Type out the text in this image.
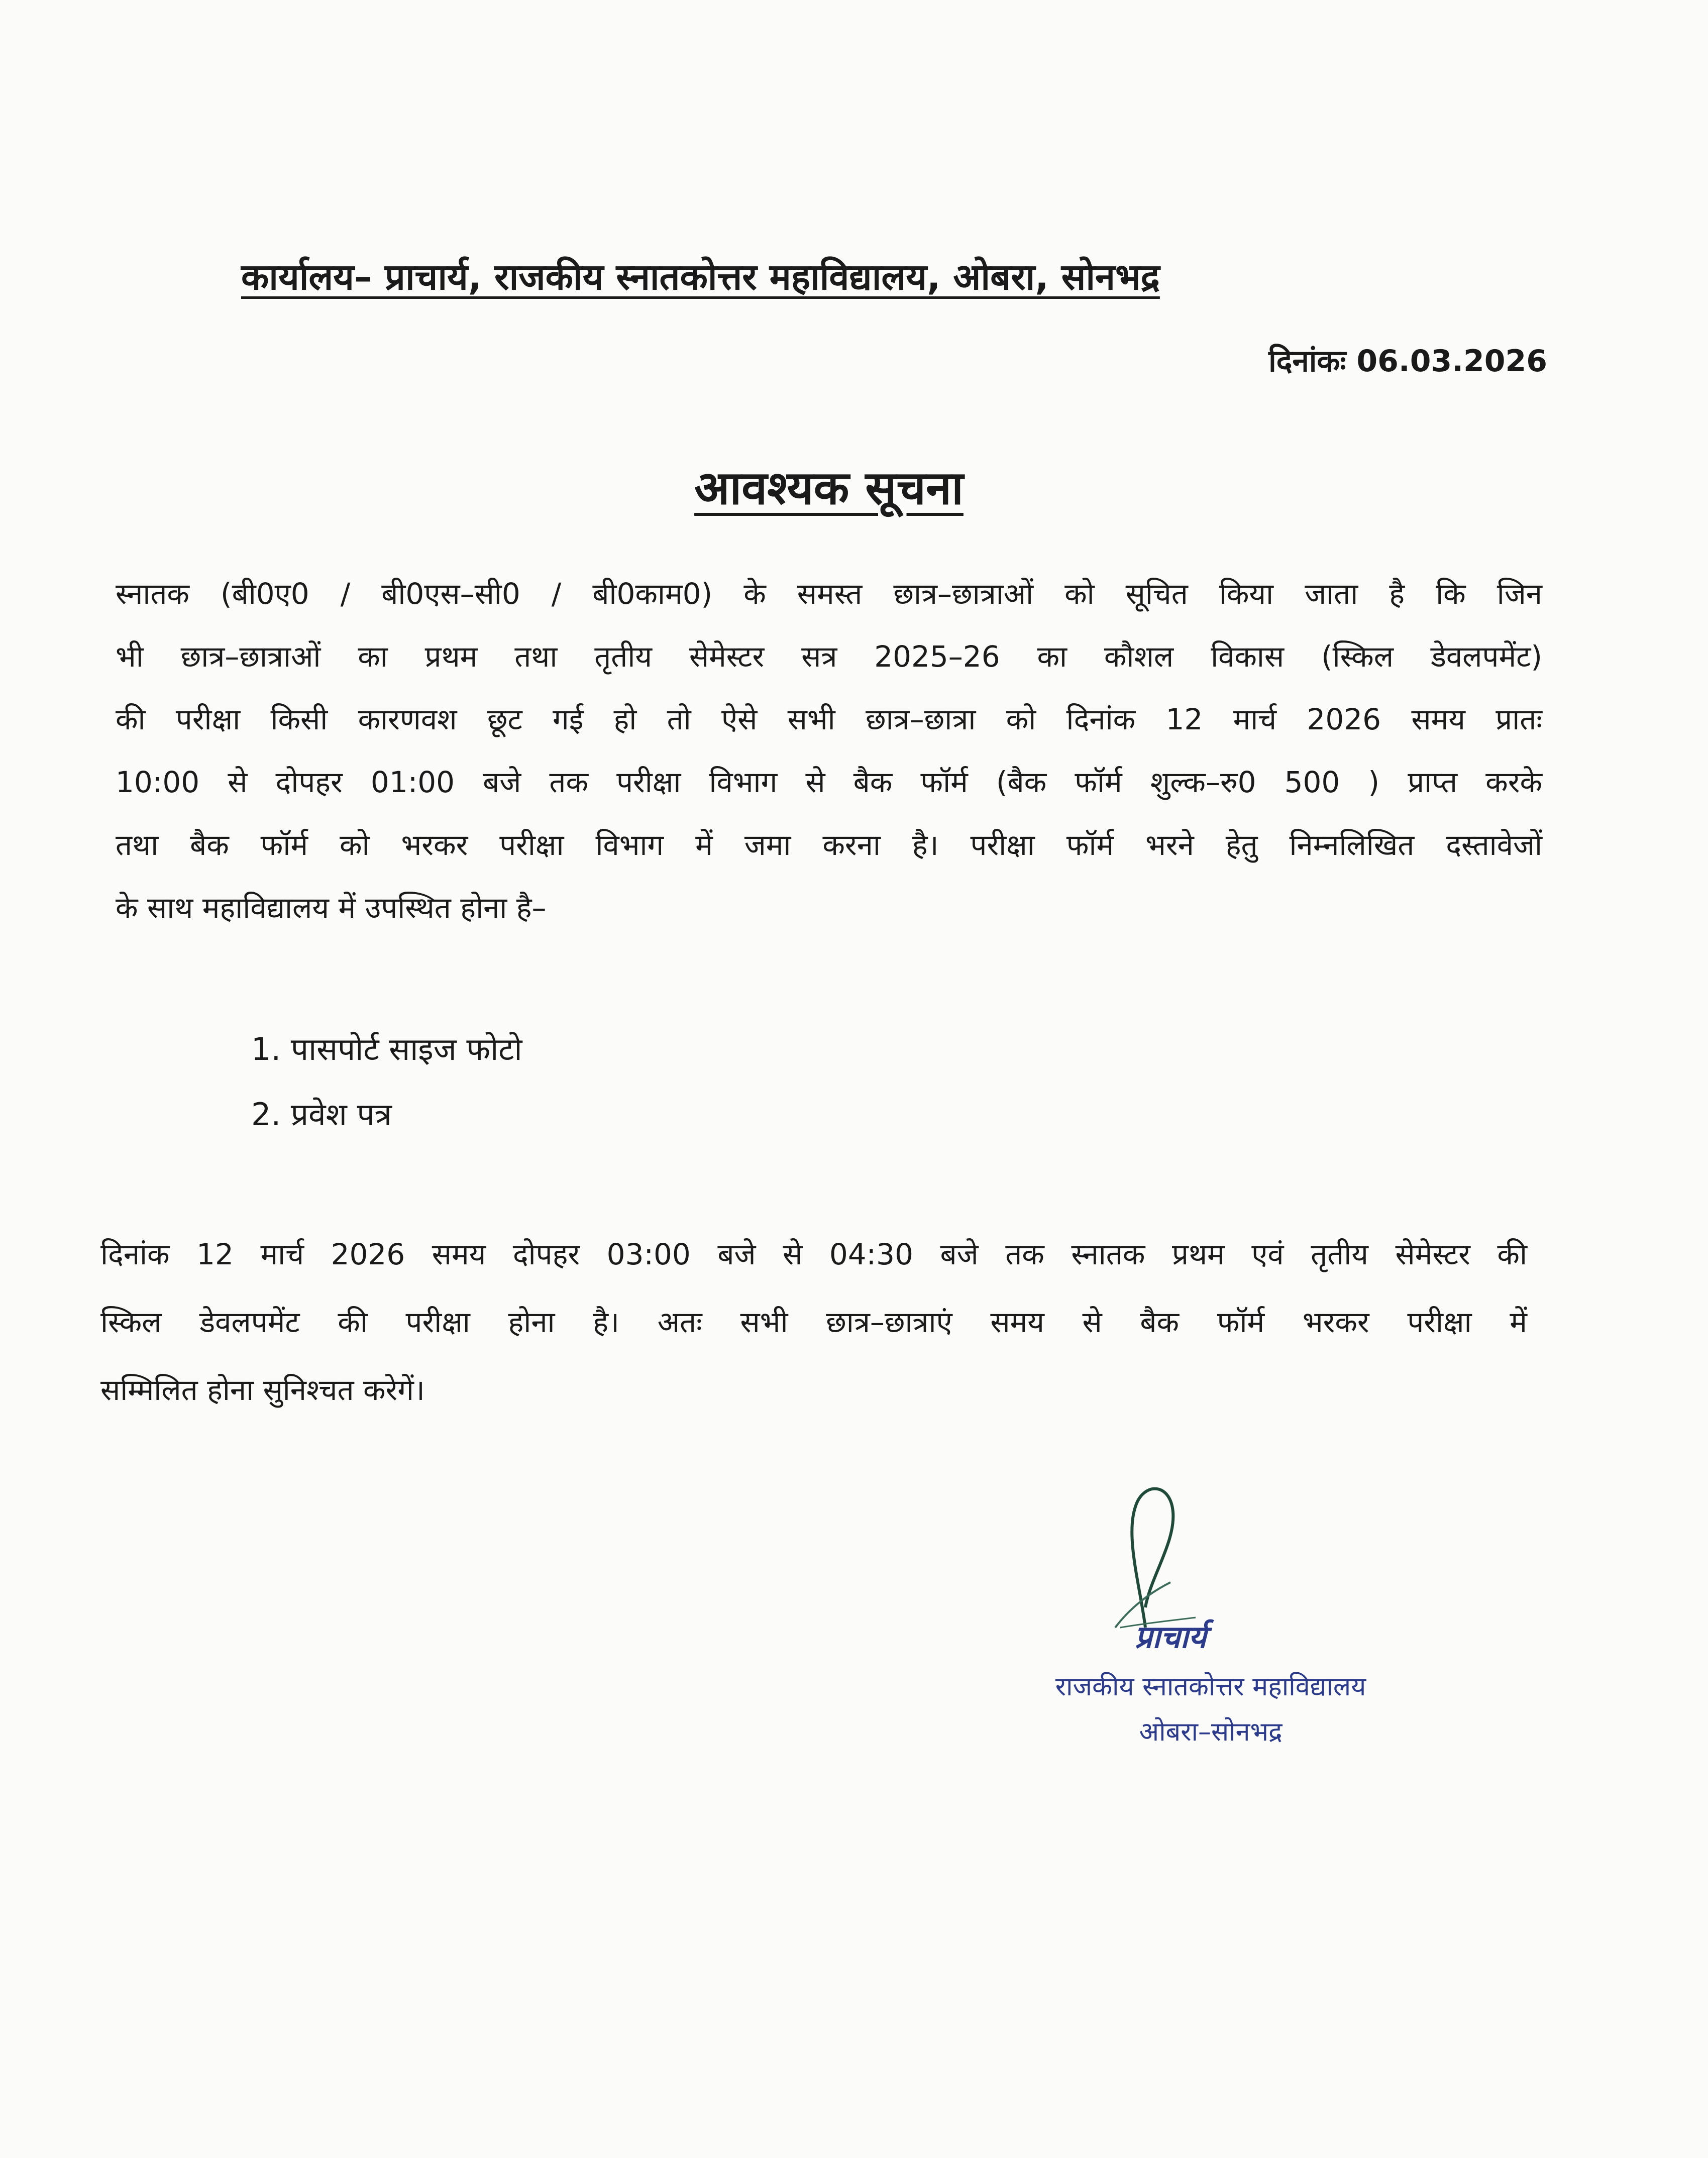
कार्यालय– प्राचार्य, राजकीय स्नातकोत्तर महाविद्यालय, ओबरा, सोनभद्र
दिनांकः 06.03.2026
आवश्यक सूचना
स्नातक (बी0ए0 / बी0एस–सी0 / बी0काम0) के समस्त छात्र–छात्राओं को सूचित किया जाता है कि जिन
भी छात्र–छात्राओं का प्रथम तथा तृतीय सेमेस्टर सत्र 2025–26 का कौशल विकास (स्किल डेवलपमेंट)
की परीक्षा किसी कारणवश छूट गई हो तो ऐसे सभी छात्र–छात्रा को दिनांक 12 मार्च 2026 समय प्रातः
10:00 से दोपहर 01:00 बजे तक परीक्षा विभाग से बैक फॉर्म (बैक फॉर्म शुल्क–रु0 500 ) प्राप्त करके
तथा बैक फॉर्म को भरकर परीक्षा विभाग में जमा करना है। परीक्षा फॉर्म भरने हेतु निम्नलिखित दस्तावेजों
के साथ महाविद्यालय में उपस्थित होना है–
1. पासपोर्ट साइज फोटो
2. प्रवेश पत्र
दिनांक 12 मार्च 2026 समय दोपहर 03:00 बजे से 04:30 बजे तक स्नातक प्रथम एवं तृतीय सेमेस्टर की
स्किल डेवलपमेंट की परीक्षा होना है। अतः सभी छात्र–छात्राएं समय से बैक फॉर्म भरकर परीक्षा में
सम्मिलित होना सुनिश्चत करेगें।
प्राचार्य
राजकीय स्नातकोत्तर महाविद्यालय
ओबरा–सोनभद्र
